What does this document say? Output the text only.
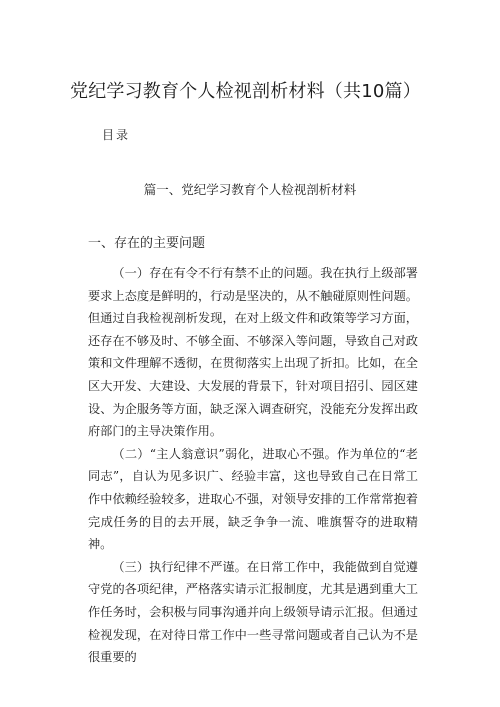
党纪学习教育个人检视剖析材料（共10篇）
目录
篇一、党纪学习教育个人检视剖析材料
一、存在的主要问题

（一）存在有令不行有禁不止的问题。我在执行上级部署要求上态度是鲜明的，行动是坚决的，从不触碰原则性问题。但通过自我检视剖析发现，在对上级文件和政策等学习方面，还存在不够及时、不够全面、不够深入等问题，导致自己对政策和文件理解不透彻，在贯彻落实上出现了折扣。比如，在全区大开发、大建设、大发展的背景下，针对项目招引、园区建设、为企服务等方面，缺乏深入调查研究，没能充分发挥出政府部门的主导决策作用。

（二）“主人翁意识”弱化，进取心不强。作为单位的“老同志”，自认为见多识广、经验丰富，这也导致自己在日常工作中依赖经验较多，进取心不强，对领导安排的工作常常抱着完成任务的目的去开展，缺乏争争一流、唯旗誓夺的进取精神。

（三）执行纪律不严谨。在日常工作中，我能做到自觉遵守党的各项纪律，严格落实请示汇报制度，尤其是遇到重大工作任务时，会积极与同事沟通并向上级领导请示汇报。但通过检视发现，在对待日常工作中一些寻常问题或者自己认为不是很重要的
